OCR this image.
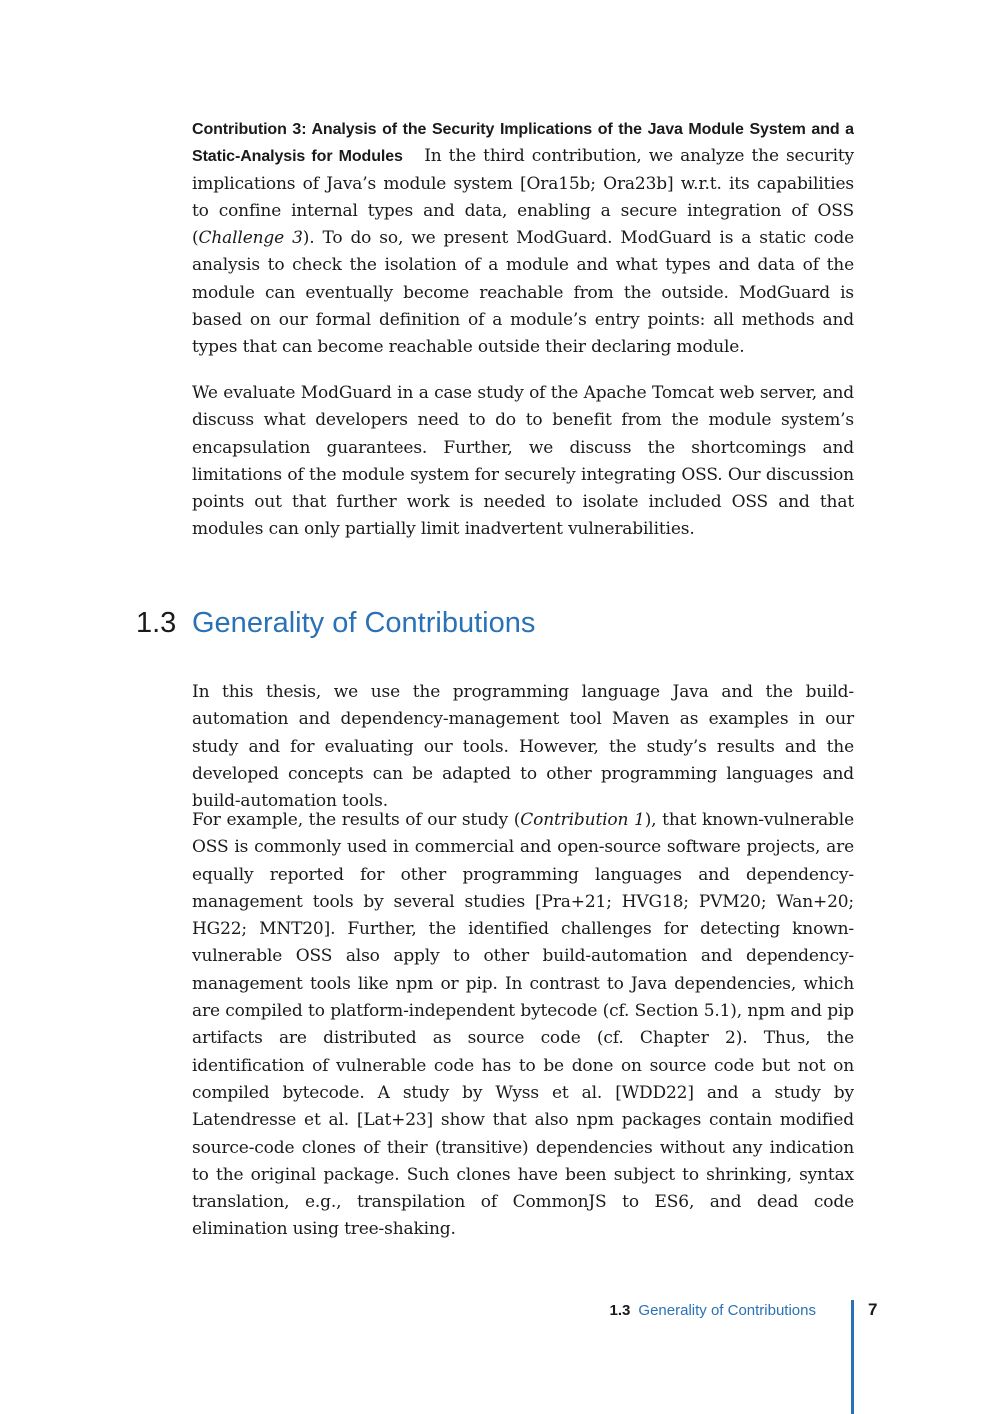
Contribution 3: Analysis of the Security Implications of the Java Module System and a Static-Analysis for Modules In the third contribution, we analyze the security implications of Java’s module system [Ora15b; Ora23b] w.r.t. its capabilities to confine internal types and data, enabling a secure integration of OSS (Challenge 3). To do so, we present ModGuard. ModGuard is a static code analysis to check the isolation of a module and what types and data of the module can eventually become reachable from the outside. ModGuard is based on our formal definition of a module’s entry points: all methods and types that can become reachable outside their declaring module.

We evaluate ModGuard in a case study of the Apache Tomcat web server, and discuss what developers need to do to benefit from the module system’s encapsulation guarantees. Further, we discuss the shortcomings and limitations of the module system for securely integrating OSS. Our discussion points out that further work is needed to isolate included OSS and that modules can only partially limit inadvertent vulnerabilities.

1.3 Generality of Contributions

In this thesis, we use the programming language Java and the build-automation and dependency-management tool Maven as examples in our study and for evaluating our tools. However, the study’s results and the developed concepts can be adapted to other programming languages and build-automation tools.

For example, the results of our study (Contribution 1), that known-vulnerable OSS is commonly used in commercial and open-source software projects, are equally reported for other programming languages and dependency-management tools by several studies [Pra+21; HVG18; PVM20; Wan+20; HG22; MNT20]. Further, the identified challenges for detecting known-vulnerable OSS also apply to other build-automation and dependency-management tools like npm or pip. In contrast to Java dependencies, which are compiled to platform-independent bytecode (cf. Section 5.1), npm and pip artifacts are distributed as source code (cf. Chapter 2). Thus, the identification of vulnerable code has to be done on source code but not on compiled bytecode. A study by Wyss et al. [WDD22] and a study by Latendresse et al. [Lat+23] show that also npm packages contain modified source-code clones of their (transitive) dependencies without any indication to the original package. Such clones have been subject to shrinking, syntax translation, e.g., transpilation of CommonJS to ES6, and dead code elimination using tree-shaking.

1.3 Generality of Contributions	7
